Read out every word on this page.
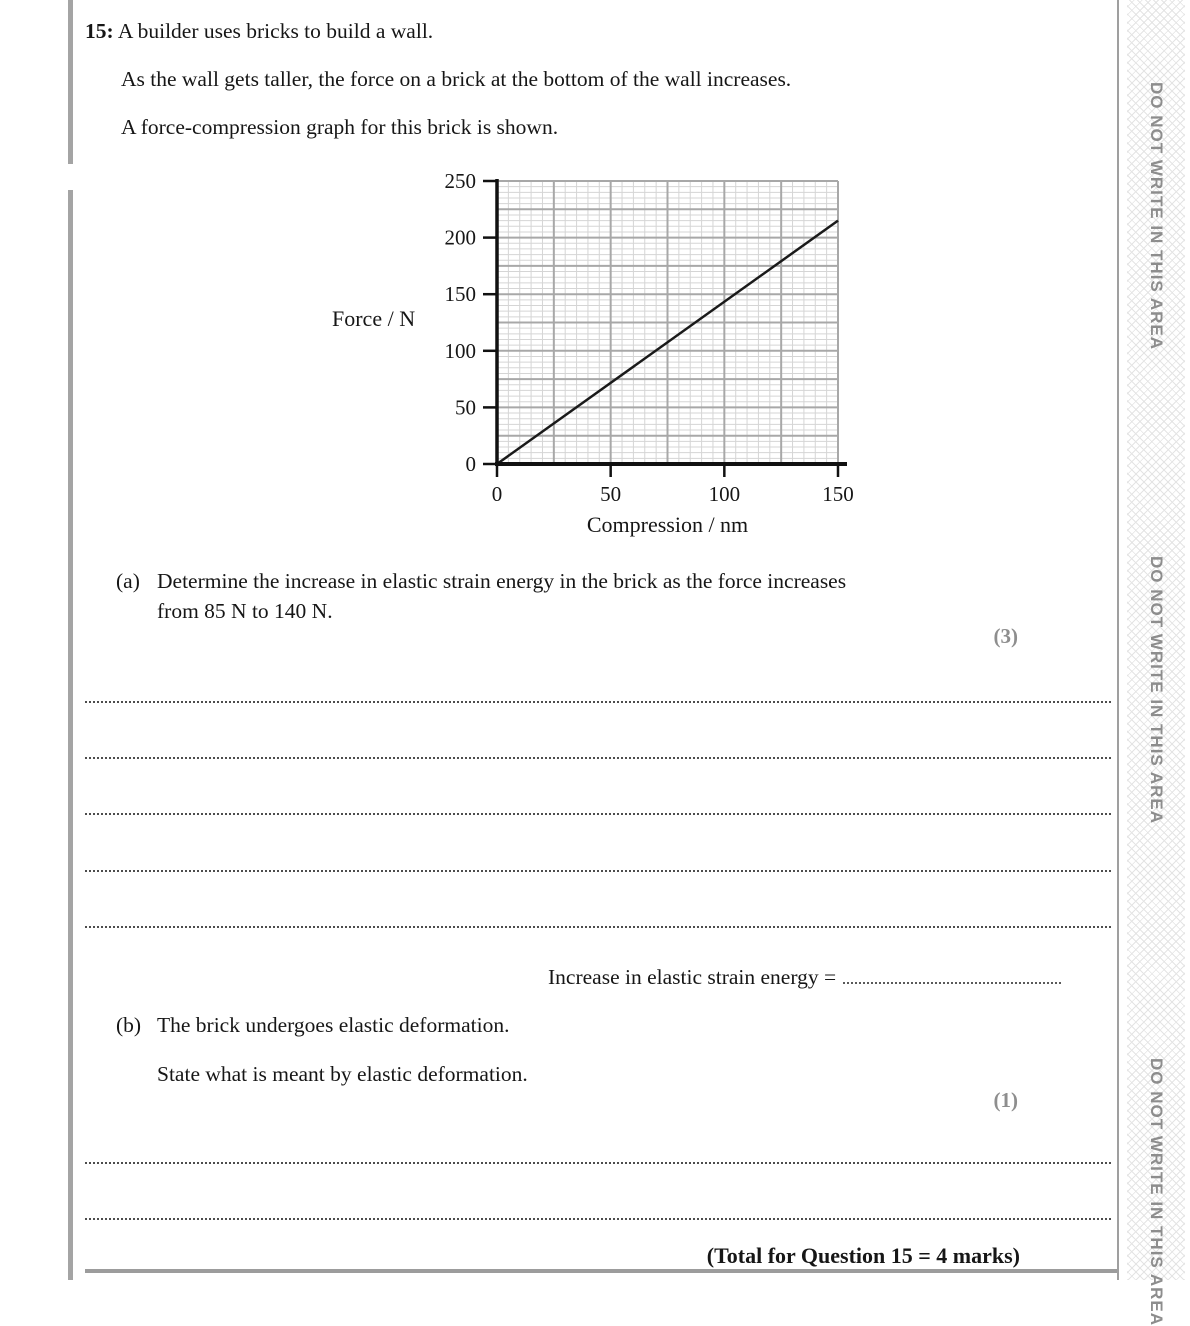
15: A builder uses bricks to build a wall.
As the wall gets taller, the force on a brick at the bottom of the wall increases.
A force-compression graph for this brick is shown.
0
50
100
150
200
250
0	50	100	150
Force / N
Compression / nm
(a) Determine the increase in elastic strain energy in the brick as the force increases
from 85 N to 140 N.
(3)
Increase in elastic strain energy =
(b) The brick undergoes elastic deformation.
State what is meant by elastic deformation.
(1)
(Total for Question 15 = 4 marks)
DO NOT WRITE IN THIS AREA
DO NOT WRITE IN THIS AREA
DO NOT WRITE IN THIS AREA
